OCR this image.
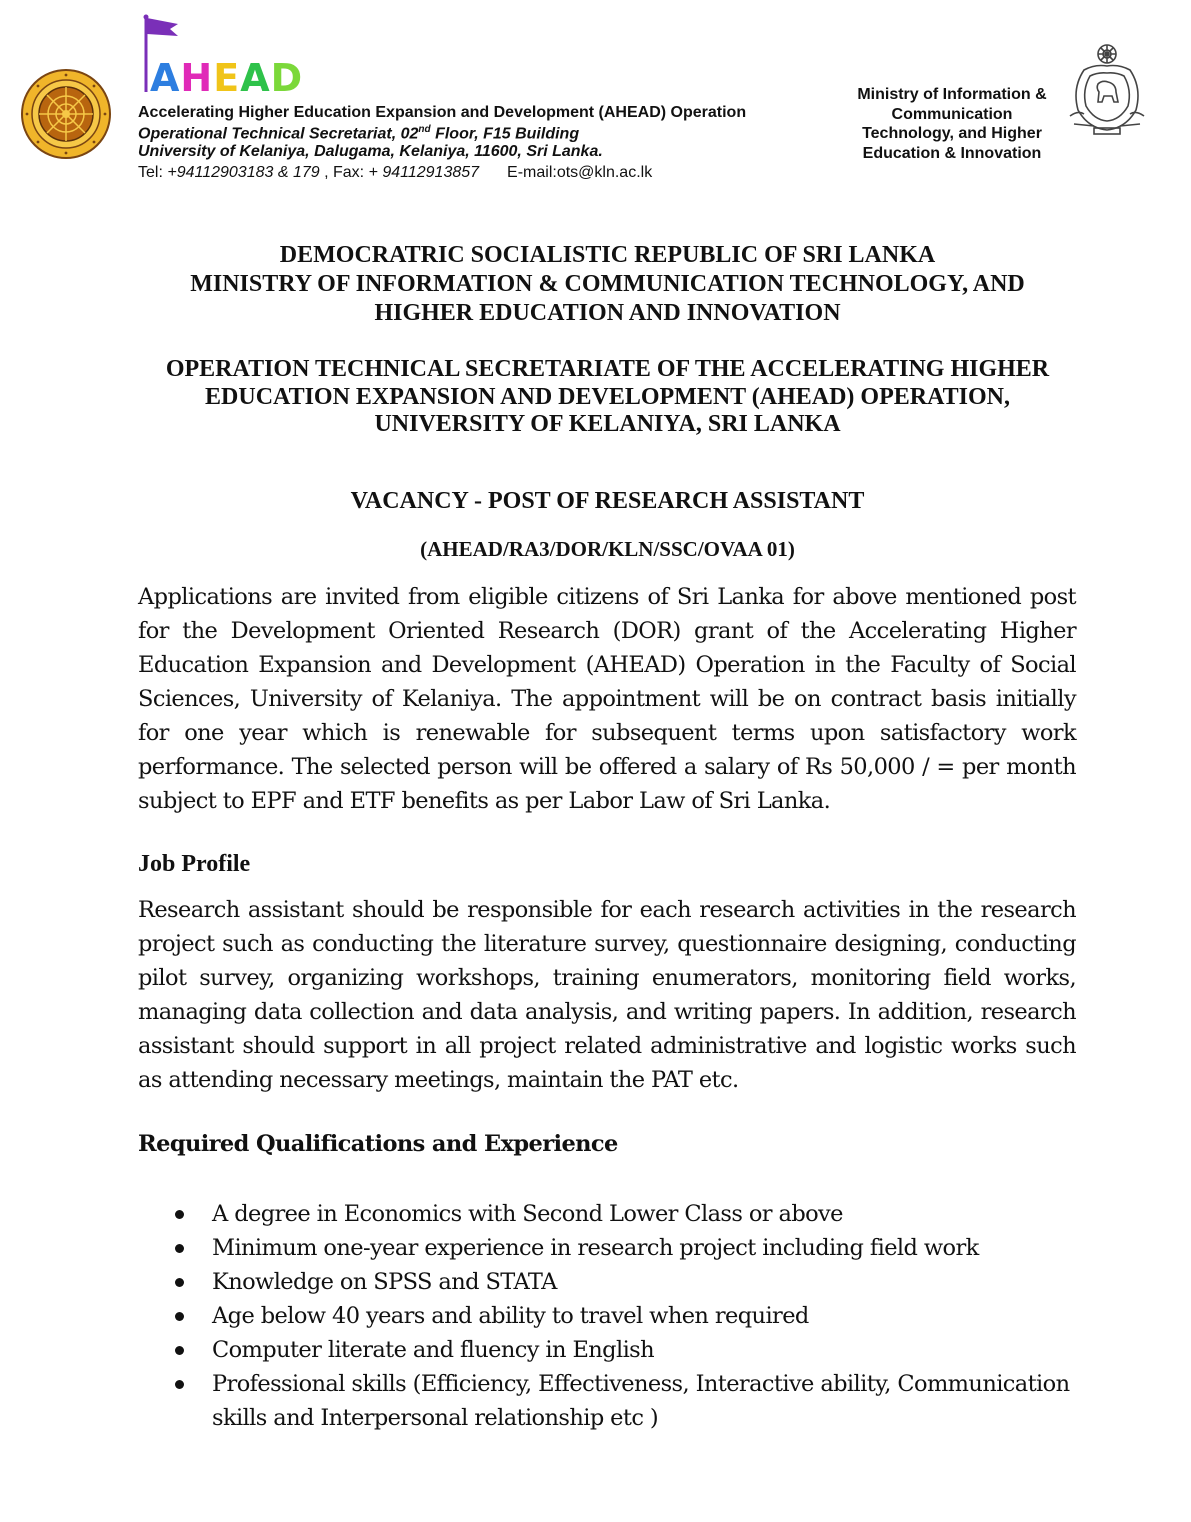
AHEAD
Accelerating Higher Education Expansion and Development (AHEAD) Operation
Operational Technical Secretariat, 02nd Floor, F15 Building
University of Kelaniya, Dalugama, Kelaniya, 11600, Sri Lanka.
Tel: +94112903183 & 179 , Fax: + 94112913857 E-mail:ots@kln.ac.lk
Ministry of Information &
Communication
Technology, and Higher
Education & Innovation
DEMOCRATRIC SOCIALISTIC REPUBLIC OF SRI LANKA
MINISTRY OF INFORMATION & COMMUNICATION TECHNOLOGY, AND
HIGHER EDUCATION AND INNOVATION
OPERATION TECHNICAL SECRETARIATE OF THE ACCELERATING HIGHER
EDUCATION EXPANSION AND DEVELOPMENT (AHEAD) OPERATION,
UNIVERSITY OF KELANIYA, SRI LANKA
VACANCY - POST OF RESEARCH ASSISTANT
(AHEAD/RA3/DOR/KLN/SSC/OVAA 01)
Applications are invited from eligible citizens of Sri Lanka for above mentioned post for the Development Oriented Research (DOR) grant of the Accelerating Higher Education Expansion and Development (AHEAD) Operation in the Faculty of Social Sciences, University of Kelaniya. The appointment will be on contract basis initially for one year which is renewable for subsequent terms upon satisfactory work performance. The selected person will be offered a salary of Rs 50,000 / = per month subject to EPF and ETF benefits as per Labor Law of Sri Lanka.
Job Profile
Research assistant should be responsible for each research activities in the research project such as conducting the literature survey, questionnaire designing, conducting pilot survey, organizing workshops, training enumerators, monitoring field works, managing data collection and data analysis, and writing papers. In addition, research assistant should support in all project related administrative and logistic works such as attending necessary meetings, maintain the PAT etc.
Required Qualifications and Experience
A degree in Economics with Second Lower Class or above
Minimum one-year experience in research project including field work
Knowledge on SPSS and STATA
Age below 40 years and ability to travel when required
Computer literate and fluency in English
Professional skills (Efficiency, Effectiveness, Interactive ability, Communication skills and Interpersonal relationship etc )
